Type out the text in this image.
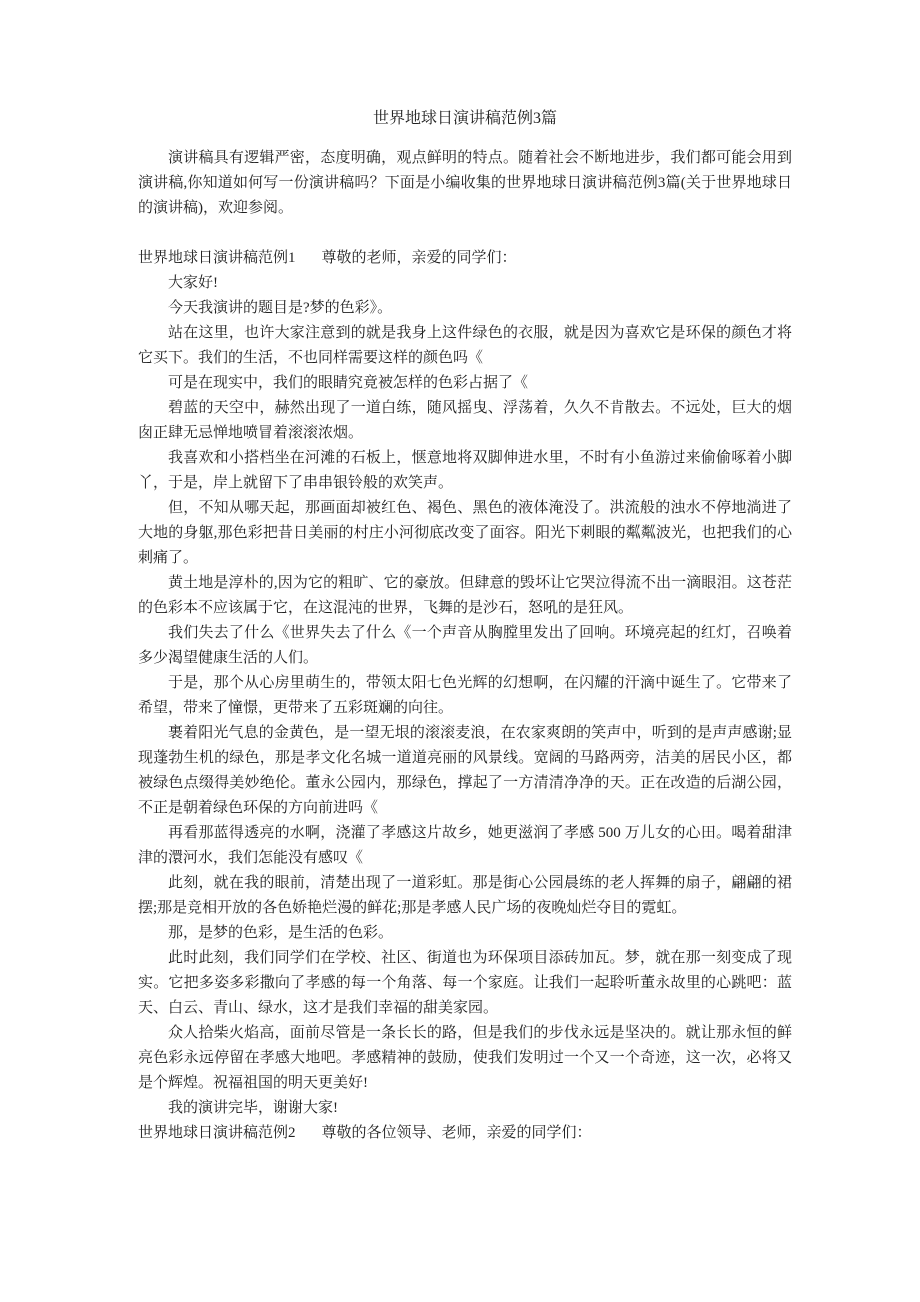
世界地球日演讲稿范例3篇

演讲稿具有逻辑严密，态度明确，观点鲜明的特点。随着社会不断地进步，我们都可能会用到演讲稿,你知道如何写一份演讲稿吗？下面是小编收集的世界地球日演讲稿范例3篇(关于世界地球日的演讲稿)，欢迎参阅。

世界地球日演讲稿范例1 尊敬的老师，亲爱的同学们：

大家好!

今天我演讲的题目是?梦的色彩》。

站在这里，也许大家注意到的就是我身上这件绿色的衣服，就是因为喜欢它是环保的颜色才将它买下。我们的生活，不也同样需要这样的颜色吗《

可是在现实中，我们的眼睛究竟被怎样的色彩占据了《

碧蓝的天空中，赫然出现了一道白练，随风摇曳、浮荡着，久久不肯散去。不远处，巨大的烟囱正肆无忌惮地喷冒着滚滚浓烟。

我喜欢和小搭档坐在河滩的石板上，惬意地将双脚伸进水里，不时有小鱼游过来偷偷啄着小脚丫，于是，岸上就留下了串串银铃般的欢笑声。

但，不知从哪天起，那画面却被红色、褐色、黑色的液体淹没了。洪流般的浊水不停地淌进了大地的身躯,那色彩把昔日美丽的村庄小河彻底改变了面容。阳光下刺眼的粼粼波光，也把我们的心刺痛了。

黄土地是淳朴的,因为它的粗旷、它的豪放。但肆意的毁坏让它哭泣得流不出一滴眼泪。这苍茫的色彩本不应该属于它，在这混沌的世界，飞舞的是沙石，怒吼的是狂风。

我们失去了什么《世界失去了什么《一个声音从胸膛里发出了回响。环境亮起的红灯，召唤着多少渴望健康生活的人们。

于是，那个从心房里萌生的，带领太阳七色光辉的幻想啊，在闪耀的汗滴中诞生了。它带来了希望，带来了憧憬，更带来了五彩斑斓的向往。

裹着阳光气息的金黄色，是一望无垠的滚滚麦浪，在农家爽朗的笑声中，听到的是声声感谢;显现蓬勃生机的绿色，那是孝文化名城一道道亮丽的风景线。宽阔的马路两旁，洁美的居民小区，都被绿色点缀得美妙绝伦。董永公园内，那绿色，撑起了一方清清净净的天。正在改造的后湖公园，不正是朝着绿色环保的方向前进吗《

再看那蓝得透亮的水啊，浇灌了孝感这片故乡，她更滋润了孝感 500 万儿女的心田。喝着甜津津的澴河水，我们怎能没有感叹《

此刻，就在我的眼前，清楚出现了一道彩虹。那是街心公园晨练的老人挥舞的扇子，翩翩的裙摆;那是竞相开放的各色娇艳烂漫的鲜花;那是孝感人民广场的夜晚灿烂夺目的霓虹。

那，是梦的色彩，是生活的色彩。

此时此刻，我们同学们在学校、社区、街道也为环保项目添砖加瓦。梦，就在那一刻变成了现实。它把多姿多彩撒向了孝感的每一个角落、每一个家庭。让我们一起聆听董永故里的心跳吧：蓝天、白云、青山、绿水，这才是我们幸福的甜美家园。

众人拾柴火焰高，面前尽管是一条长长的路，但是我们的步伐永远是坚决的。就让那永恒的鲜亮色彩永远停留在孝感大地吧。孝感精神的鼓励，使我们发明过一个又一个奇迹，这一次，必将又是个辉煌。祝福祖国的明天更美好!

我的演讲完毕，谢谢大家!

世界地球日演讲稿范例2 尊敬的各位领导、老师，亲爱的同学们：
